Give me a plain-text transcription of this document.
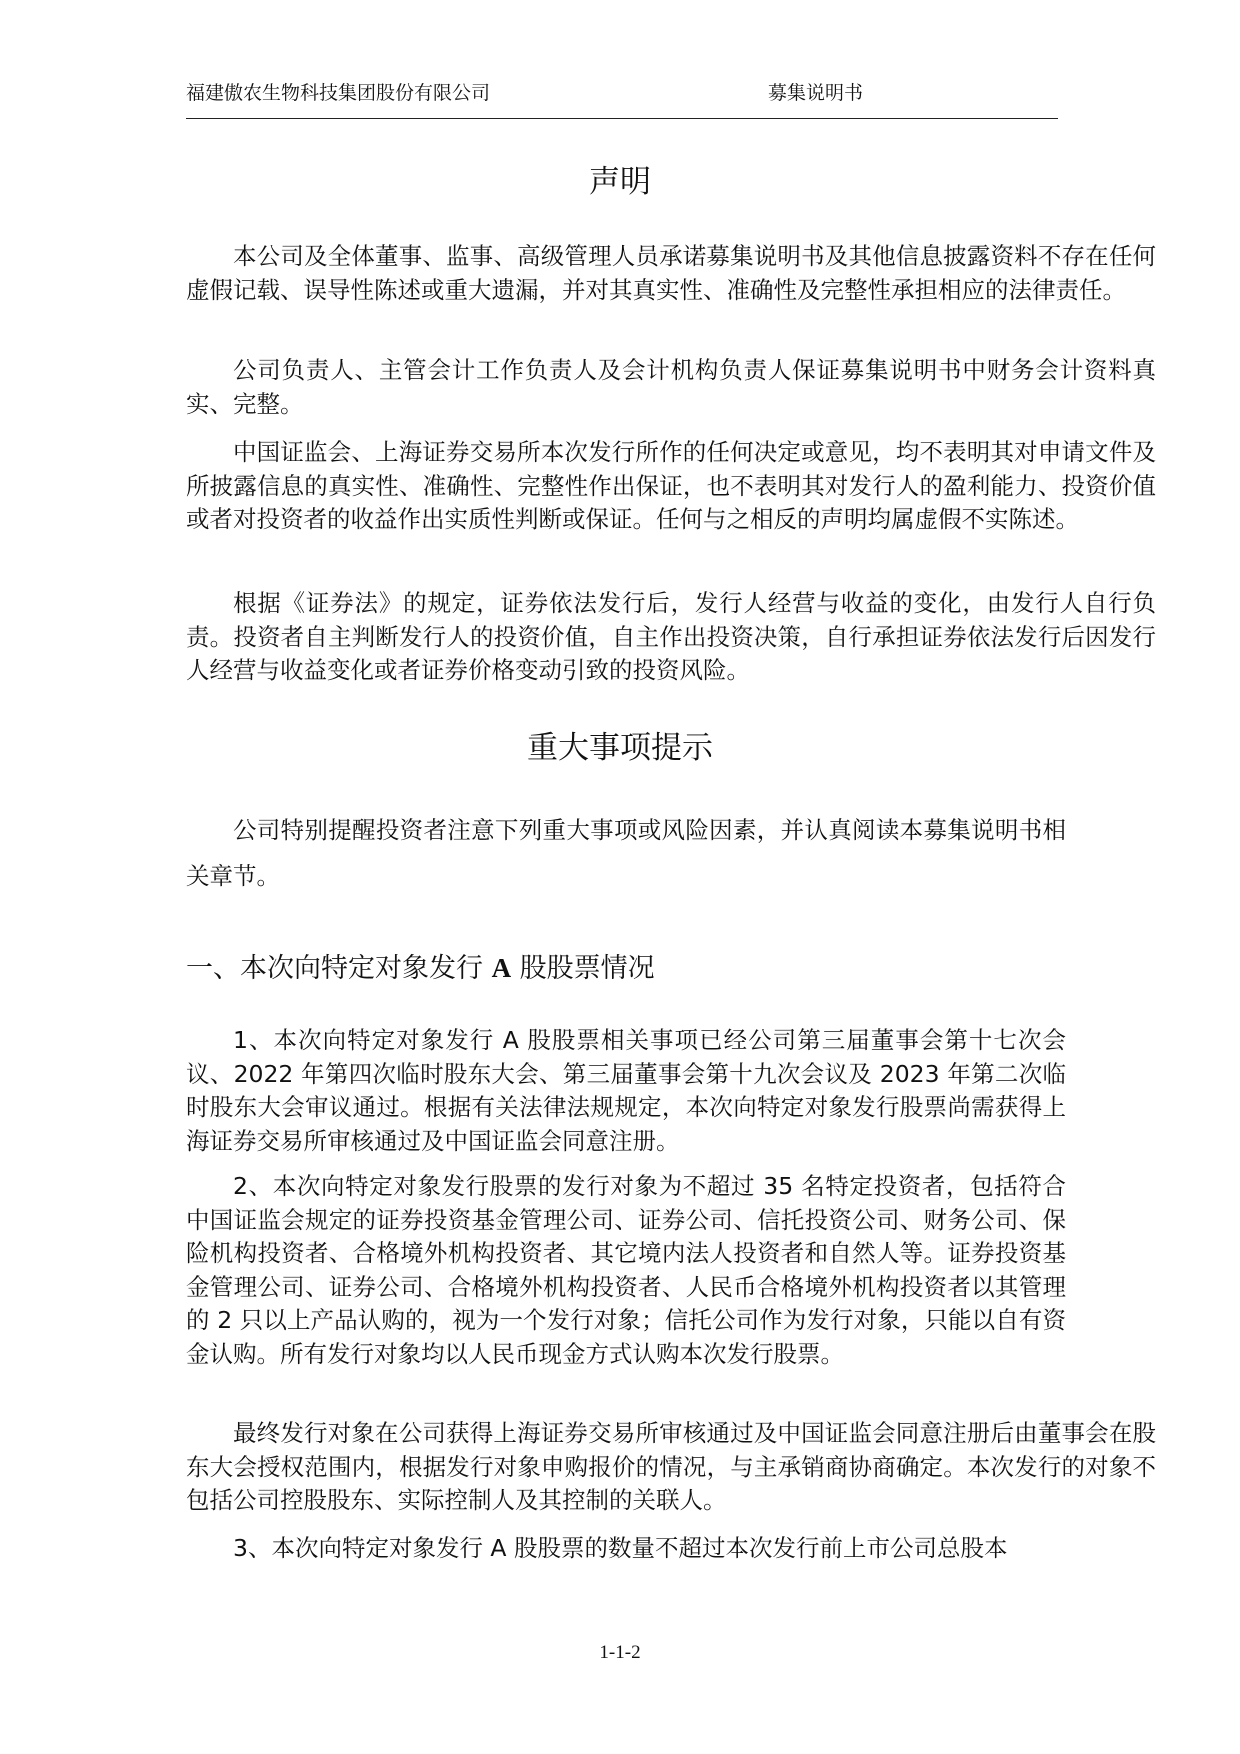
福建傲农生物科技集团股份有限公司	募集说明书
声明

本公司及全体董事、监事、高级管理人员承诺募集说明书及其他信息披露资料不存在任何虚假记载、误导性陈述或重大遗漏，并对其真实性、准确性及完整性承担相应的法律责任。

公司负责人、主管会计工作负责人及会计机构负责人保证募集说明书中财务会计资料真实、完整。

中国证监会、上海证券交易所本次发行所作的任何决定或意见，均不表明其对申请文件及所披露信息的真实性、准确性、完整性作出保证，也不表明其对发行人的盈利能力、投资价值或者对投资者的收益作出实质性判断或保证。任何与之相反的声明均属虚假不实陈述。

根据《证券法》的规定，证券依法发行后，发行人经营与收益的变化，由发行人自行负责。投资者自主判断发行人的投资价值，自主作出投资决策，自行承担证券依法发行后因发行人经营与收益变化或者证券价格变动引致的投资风险。

重大事项提示

公司特别提醒投资者注意下列重大事项或风险因素，并认真阅读本募集说明书相关章节。

一、本次向特定对象发行 A 股股票情况

1、本次向特定对象发行 A 股股票相关事项已经公司第三届董事会第十七次会议、2022 年第四次临时股东大会、第三届董事会第十九次会议及 2023 年第二次临时股东大会审议通过。根据有关法律法规规定，本次向特定对象发行股票尚需获得上海证券交易所审核通过及中国证监会同意注册。

2、本次向特定对象发行股票的发行对象为不超过 35 名特定投资者，包括符合中国证监会规定的证券投资基金管理公司、证券公司、信托投资公司、财务公司、保险机构投资者、合格境外机构投资者、其它境内法人投资者和自然人等。证券投资基金管理公司、证券公司、合格境外机构投资者、人民币合格境外机构投资者以其管理的 2 只以上产品认购的，视为一个发行对象；信托公司作为发行对象，只能以自有资金认购。所有发行对象均以人民币现金方式认购本次发行股票。

最终发行对象在公司获得上海证券交易所审核通过及中国证监会同意注册后由董事会在股东大会授权范围内，根据发行对象申购报价的情况，与主承销商协商确定。本次发行的对象不包括公司控股股东、实际控制人及其控制的关联人。

3、本次向特定对象发行 A 股股票的数量不超过本次发行前上市公司总股本

1-1-2
